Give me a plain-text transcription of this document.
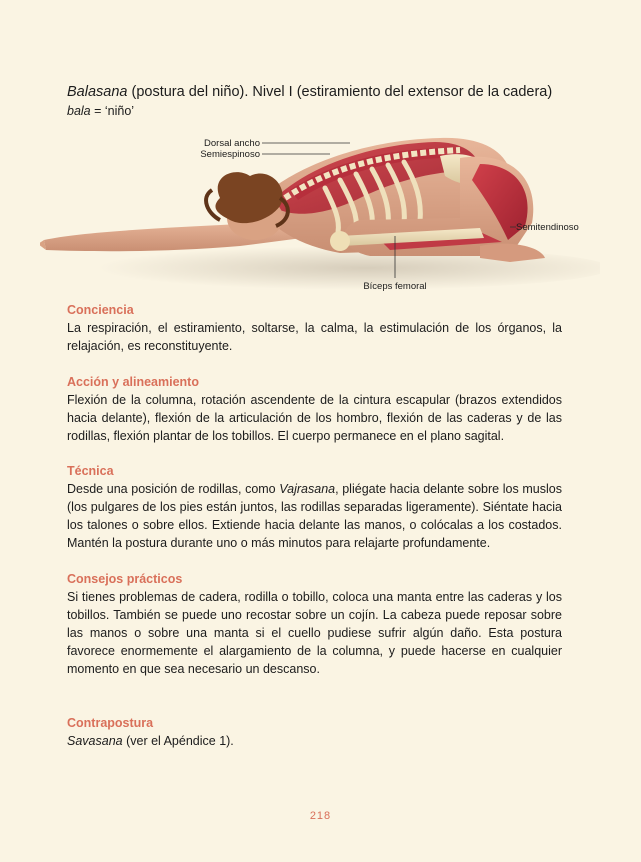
Balasana (postura del niño). Nivel I (estiramiento del extensor de la cadera)
bala = ‘niño’
Dorsal ancho
Semiespinoso
Semitendinoso
Bíceps femoral
Conciencia
La respiración, el estiramiento, soltarse, la calma, la estimulación de los órganos, la relajación, es reconstituyente.
Acción y alineamiento
Flexión de la columna, rotación ascendente de la cintura escapular (brazos extendidos hacia delante), flexión de la articulación de los hombro, flexión de las caderas y de las rodillas, flexión plantar de los tobillos. El cuerpo permanece en el plano sagital.
Técnica
Desde una posición de rodillas, como Vajrasana, pliégate hacia delante sobre los muslos (los pulgares de los pies están juntos, las rodillas separadas ligeramente). Siéntate hacia los talones o sobre ellos. Extiende hacia delante las manos, o colócalas a los costados. Mantén la postura durante uno o más minutos para relajarte profundamente.
Consejos prácticos
Si tienes problemas de cadera, rodilla o tobillo, coloca una manta entre las caderas y los tobillos. También se puede uno recostar sobre un cojín. La cabeza puede reposar sobre las manos o sobre una manta si el cuello pudiese sufrir algún daño. Esta postura favorece enormemente el alargamiento de la columna, y puede hacerse en cualquier momento en que sea necesario un descanso.
Contrapostura
Savasana (ver el Apéndice 1).
218
